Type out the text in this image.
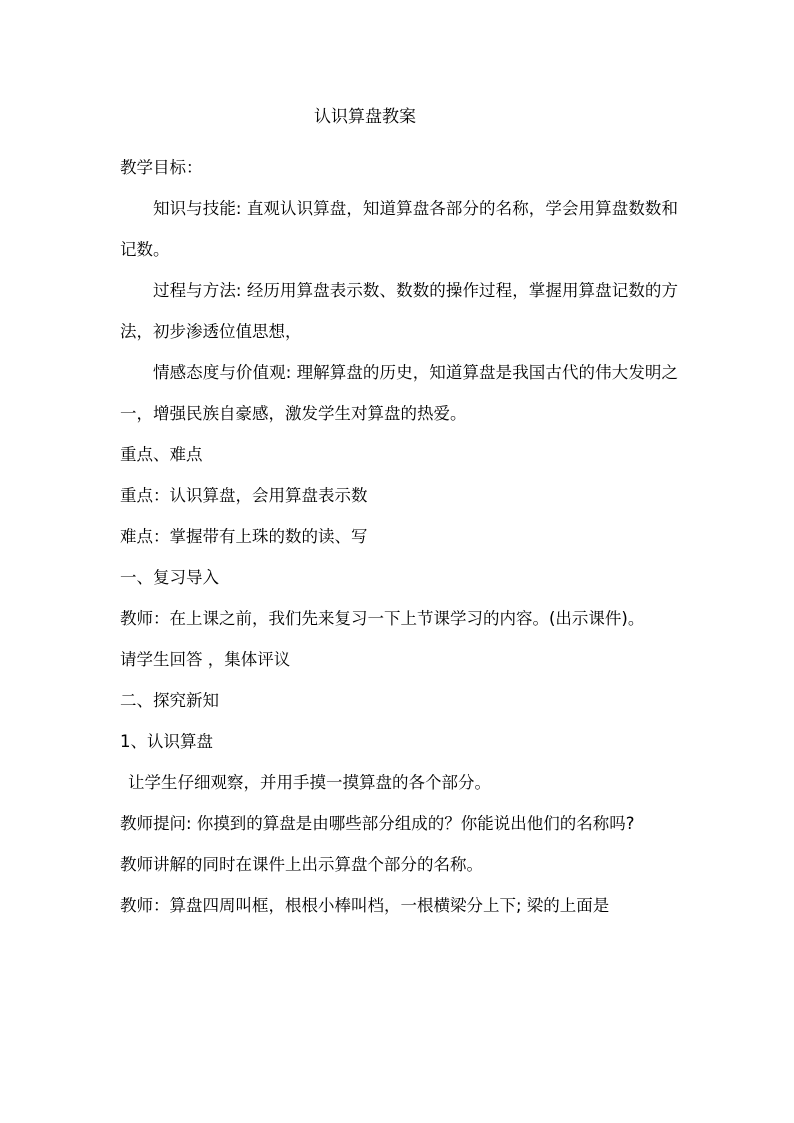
认识算盘教案

教学目标：

知识与技能: 直观认识算盘，知道算盘各部分的名称，学会用算盘数数和记数。

过程与方法: 经历用算盘表示数、数数的操作过程，掌握用算盘记数的方法，初步渗透位值思想，

情感态度与价值观: 理解算盘的历史，知道算盘是我国古代的伟大发明之一，增强民族自豪感，激发学生对算盘的热爱。

重点、难点

重点：认识算盘，会用算盘表示数

难点：掌握带有上珠的数的读、写

一、复习导入

教师：在上课之前，我们先来复习一下上节课学习的内容。(出示课件)。

请学生回答 ，集体评议

二、探究新知

1、认识算盘

让学生仔细观察，并用手摸一摸算盘的各个部分。

教师提问: 你摸到的算盘是由哪些部分组成的？你能说出他们的名称吗?

教师讲解的同时在课件上出示算盘个部分的名称。

教师：算盘四周叫框，根根小棒叫档，一根横梁分上下; 梁的上面是
